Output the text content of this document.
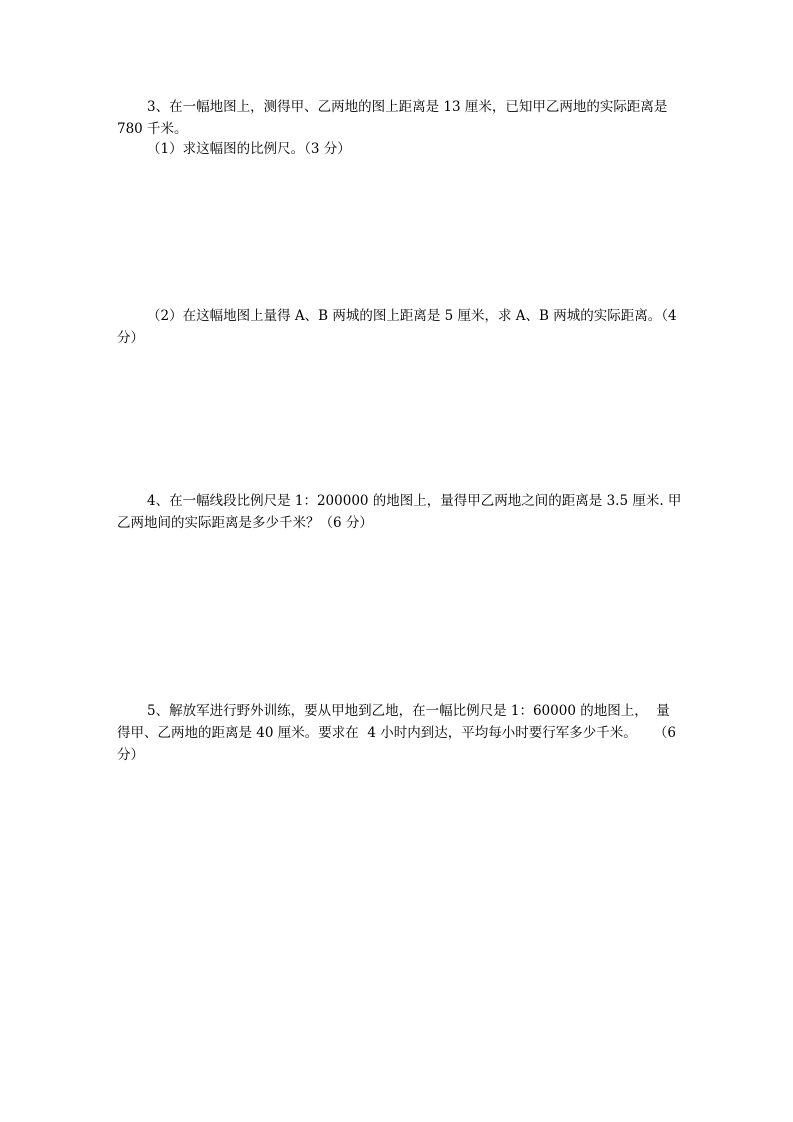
3、在一幅地图上，测得甲、乙两地的图上距离是 13 厘米，已知甲乙两地的实际距离是
780 千米。
（1）求这幅图的比例尺。（3 分）
（2）在这幅地图上量得 A、B 两城的图上距离是 5 厘米，求 A、B 两城的实际距离。（4
分）
4、在一幅线段比例尺是 1：200000 的地图上，量得甲乙两地之间的距离是 3.5 厘米. 甲
乙两地间的实际距离是多少千米？（6 分）
5、解放军进行野外训练，要从甲地到乙地，在一幅比例尺是 1：60000 的地图上，  量
得甲、乙两地的距离是 40 厘米。要求在  4 小时内到达，平均每小时要行军多少千米。    （6
分）
